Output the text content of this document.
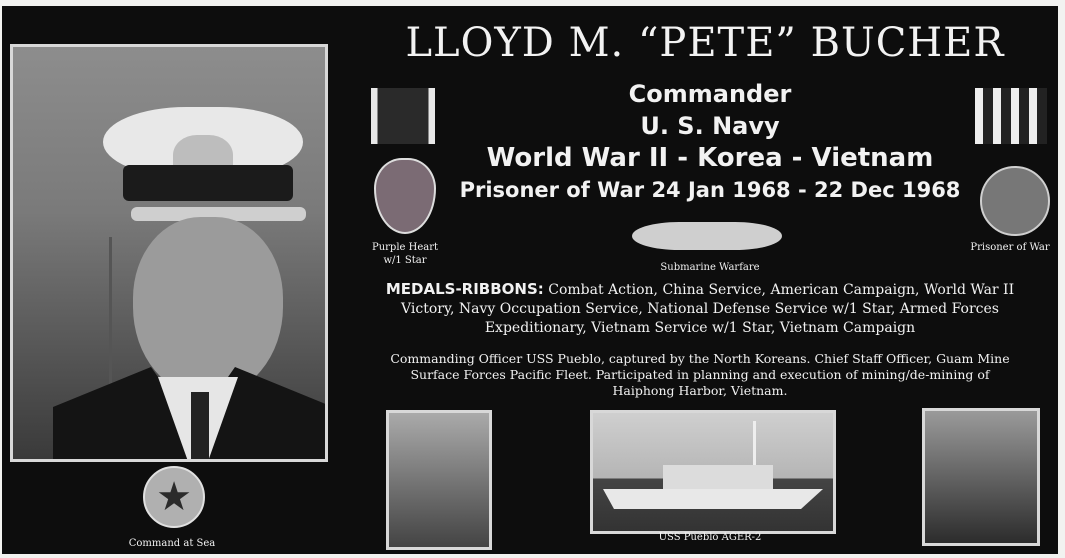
★
Command at Sea
LLOYD M. “PETE” BUCHER
Commander
U. S. Navy
World War II - Korea - Vietnam
Prisoner of War 24 Jan 1968 - 22 Dec 1968
Purple Heart
w/1 Star
Submarine Warfare
Prisoner of War
MEDALS-RIBBONS: Combat Action, China Service, American Campaign, World War II
Victory, Navy Occupation Service, National Defense Service w/1 Star, Armed Forces
Expeditionary, Vietnam Service w/1 Star, Vietnam Campaign
Commanding Officer USS Pueblo, captured by the North Koreans. Chief Staff Officer, Guam Mine
Surface Forces Pacific Fleet. Participated in planning and execution of mining/de-mining of
Haiphong Harbor, Vietnam.
USS Pueblo AGER-2
